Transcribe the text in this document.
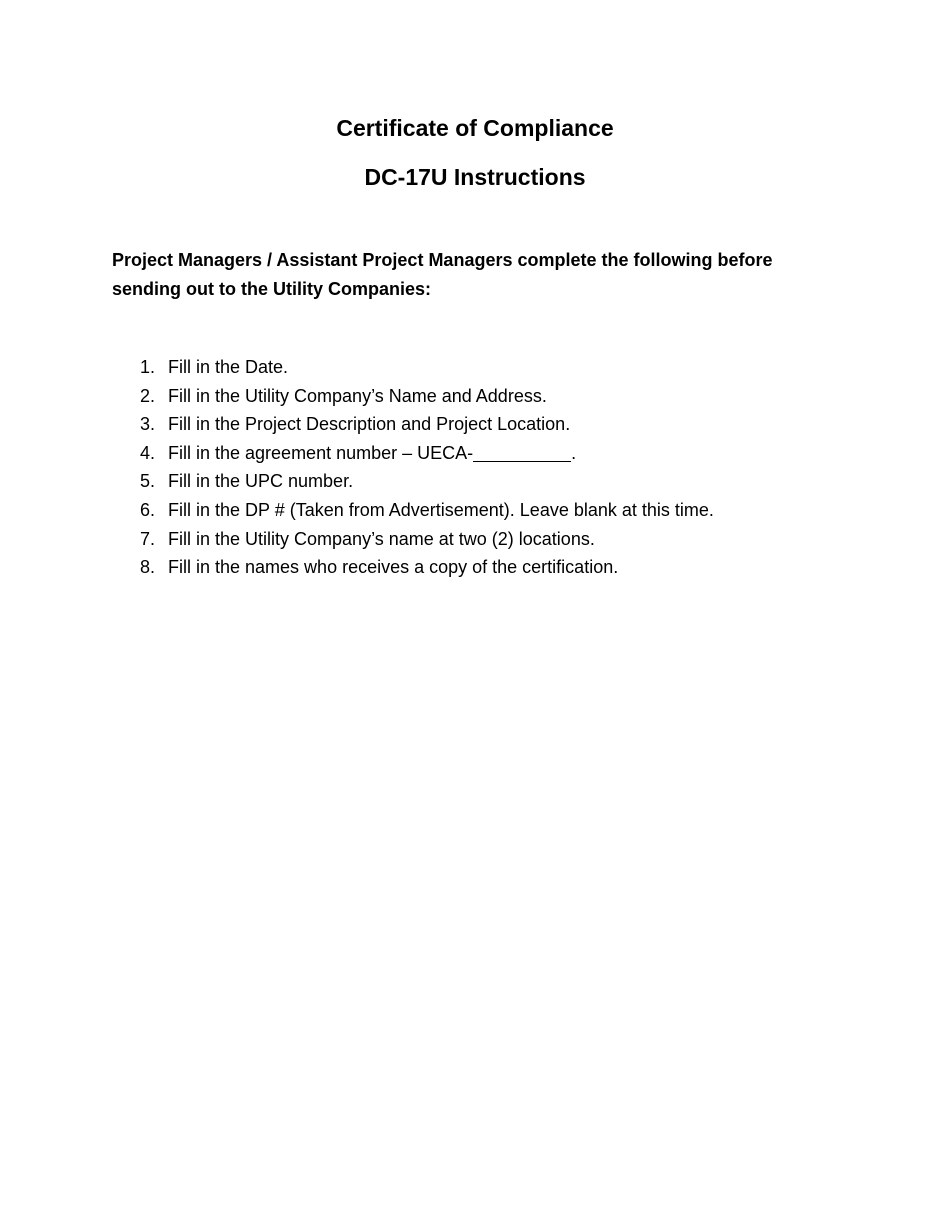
Certificate of Compliance
DC-17U Instructions
Project Managers / Assistant Project Managers complete the following before sending out to the Utility Companies:
1. Fill in the Date.
2. Fill in the Utility Company’s Name and Address.
3. Fill in the Project Description and Project Location.
4. Fill in the agreement number – UECA-	.
5. Fill in the UPC number.
6. Fill in the DP # (Taken from Advertisement). Leave blank at this time.
7. Fill in the Utility Company’s name at two (2) locations.
8. Fill in the names who receives a copy of the certification.
